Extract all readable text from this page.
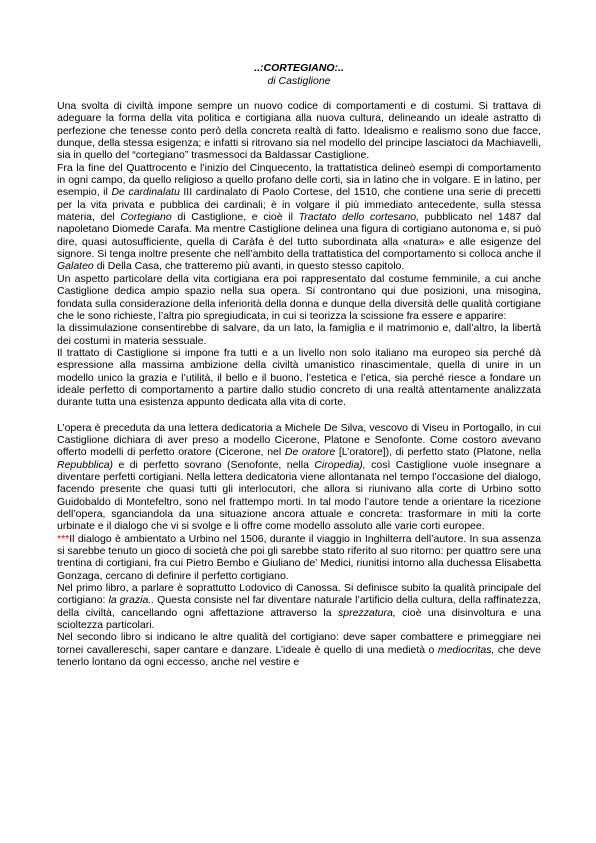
..:CORTEGIANO:..
di Castiglione

Una svolta di civiltà impone sempre un nuovo codice di comportamenti e di costumi. Si trattava di adeguare la forma della vita politica e cortigiana alla nuova cultura, delineando un ideale astratto di perfezione che tenesse conto però della concreta realtà di fatto. Idealismo e realismo sono due facce, dunque, della stessa esigenza; e infatti si ritrovano sia nel modello del principe lasciatoci da Machiavelli, sia in quello del “cortegiano” trasmessoci da Baldassar Castiglione.

Fra la fine del Quattrocento e l’inizio del Cinquecento, la trattatistica delineò esempi di comportamento in ogni campo, da quello religioso a quello profano delle corti, sia in latino che in volgare. E in latino, per esempio, il De cardinalatu III cardinalato di Paolo Cortese, del 1510, che contiene una serie di precetti per la vita privata e pubblica dei cardinali; è in volgare il più immediato antecedente, sulla stessa materia, del Cortegiano di Castiglione, e cioè il Tractato dello cortesano, pubblicato nel 1487 dal napoletano Diomede Carafa. Ma mentre Castiglione delinea una figura di cortigiano autonoma e, si può dire, quasi autosufficiente, quella di Caràfa è del tutto subordinata alla «natura» e alle esigenze del signore. Si tenga inoltre presente che nell’ambito della trattatistica del comportamento si colloca anche il Galateo di Della Casa, che tratteremo più avanti, in questo stesso capitolo.

Un aspetto particolare della vita cortigiana era poi rappresentato dal costume femminile, a cui anche Castiglione dedica ampio spazio nella sua opera. Si controntano qui due posizioni, una misogina, fondata sulla considerazione della inferiorità della donna e dunque della diversità delle qualità cortigiane che le sono richieste, l’altra pio spregiudicata, in cui si teorizza la scissione fra essere e apparire:

la dissimulazione consentirebbe di salvare, da un lato, la famiglia e il matrimonio e, dall’altro, la libertà dei costumi in materia sessuale.

Il trattato di Castiglione si impone fra tutti e a un livello non solo italiano ma europeo sia perché dà espressione alla massima ambizione della civiltà umanistico rinascimentale, quella di unire in un modello unico la grazia e l’utilità, il bello e il buono, l’estetica e l’etica, sia perché riesce a fondare un ideale perfetto di comportamento a partire dallo studio concreto di una realtà attentamente analizzata durante tutta una esistenza appunto dedicata alla vita di corte.

L’opera è preceduta da una lettera dedicatoria a Michele De Silva, vescovo di Viseu in Portogallo, in cui Castiglione dichiara di aver preso a modello Cicerone, Platone e Senofonte. Come costoro avevano offerto modelli di perfetto oratore (Cicerone, nel De oratore [L’oratore]), di perfetto stato (Platone, nella Repubblica) e di perfetto sovrano (Senofonte, nella Ciropedia), così Castiglione vuole insegnare a diventare perfetti cortigiani. Nella lettera dedicatoria viene allontanata nel tempo l’occasione del dialogo, facendo presente che quasi tutti gli interlocutori, che allora si riunivano alla corte di Urbino sotto Guidobaldo di Montefeltro, sono nel frattempo morti. In tal modo l’autore tende a orientare la ricezione dell’opera, sganciandola da una situazione ancora attuale e concreta: trasformare in miti la corte urbinate e il dialogo che vi si svolge e li offre come modello assoluto alle varie corti europee.

***Il dialogo è ambientato a Urbino nel 1506, durante il viaggio in Inghilterra dell’autore. In sua assenza si sarebbe tenuto un gioco di società che poi gli sarebbe stato riferito al suo ritorno: per quattro sere una trentina di cortigiani, fra cui Pietro Bembo e Giuliano de’ Medici, riunitisi intorno alla duchessa Elisabetta Gonzaga, cercano di definire il perfetto cortigiano.

Nel primo libro, a parlare è soprattutto Lodovico di Canossa. Si definisce subito la qualità principale del cortigiano: la grazia.. Questa consiste nel far diventare naturale l’artificio della cultura, della raffinatezza, della civiltà, cancellando ogni affettazione attraverso la sprezzatura, cioè una disinvoltura e una scioltezza particolari.

Nel secondo libro si indicano le altre qualità del cortigiano: deve saper combattere e primeggiare nei tornei cavallereschi, saper cantare e danzare. L’ideale è quello di una medietà o mediocritas, che deve tenerlo lontano da ogni eccesso, anche nel vestire e
